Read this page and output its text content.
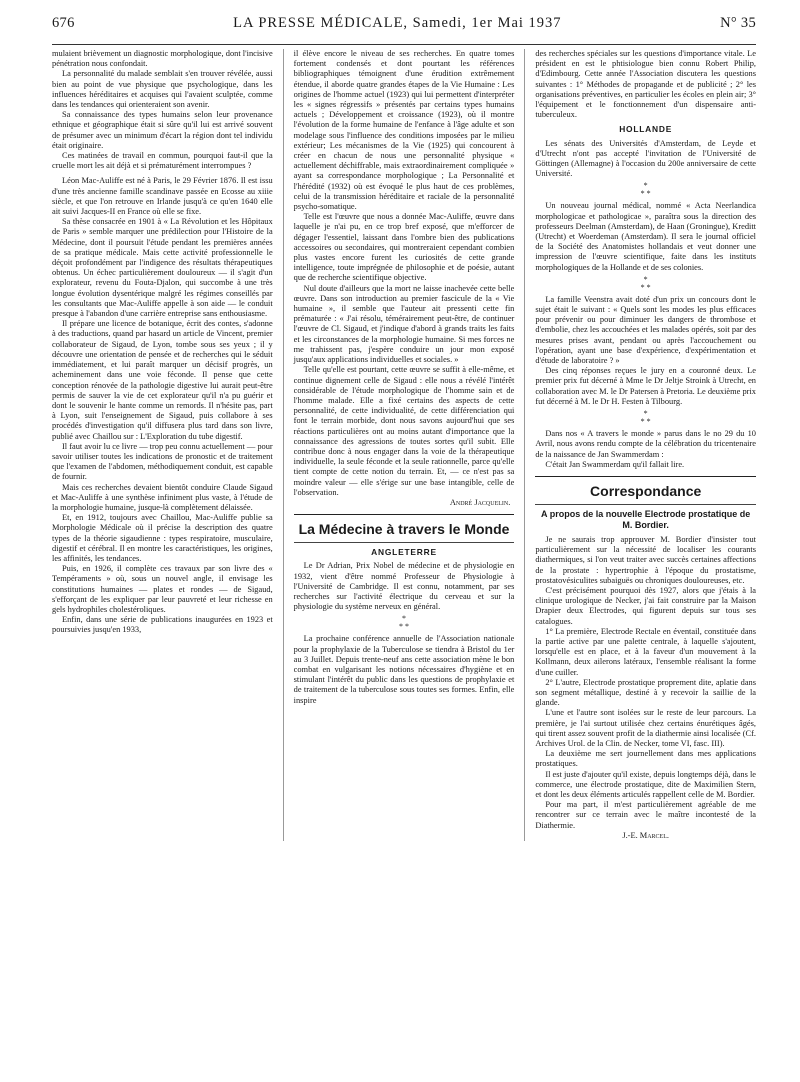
676	LA PRESSE MÉDICALE, Samedi, 1er Mai 1937	N° 35

mulaient brièvement un diagnostic morphologique, dont l'incisive pénétration nous confondait.

La personnalité du malade semblait s'en trouver révélée, aussi bien au point de vue physique que psychologique, dans les influences héréditaires et acquises qui l'avaient sculptée, comme dans les tendances qui orienteraient son avenir.

Sa connaissance des types humains selon leur provenance ethnique et géographique était si sûre qu'il lui est arrivé souvent de présumer avec un minimum d'écart la région dont tel individu était originaire.

Ces matinées de travail en commun, pourquoi faut-il que la cruelle mort les ait déjà et si prématurément interrompues ?

Léon Mac-Auliffe est né à Paris, le 29 Février 1876. Il est issu d'une très ancienne famille scandinave passée en Ecosse au xiiie siècle, et que l'on retrouve en Irlande jusqu'à ce qu'en 1640 elle ait suivi Jacques-II en France où elle se fixe.

Sa thèse consacrée en 1901 à « La Révolution et les Hôpitaux de Paris » semble marquer une prédilection pour l'Histoire de la Médecine, dont il poursuit l'étude pendant les premières années de sa pratique médicale. Mais cette activité professionnelle le déçoit profondément par l'indigence des résultats thérapeutiques obtenus. Un échec particulièrement douloureux — il s'agit d'un explorateur, revenu du Fouta-Djalon, qui succombe à une très longue évolution dysentérique malgré les régimes conseillés par les consultants que Mac-Auliffe appelle à son aide — le conduit presque à l'abandon d'une carrière entreprise sans enthousiasme.

Il prépare une licence de botanique, écrit des contes, s'adonne à des traductions, quand par hasard un article de Vincent, premier collaborateur de Sigaud, de Lyon, tombe sous ses yeux ; il y découvre une orientation de pensée et de recherches qui le séduit immédiatement, et lui paraît marquer un décisif progrès, un acheminement dans une voie féconde. Il pense que cette conception rénovée de la pathologie digestive lui aurait peut-être permis de sauver la vie de cet explorateur qu'il n'a pu guérir et dont le souvenir le hante comme un remords. Il n'hésite pas, part à Lyon, suit l'enseignement de Sigaud, puis collabore à ses procédés d'investigation qu'il diffusera plus tard dans son livre, publié avec Chaillou sur : L'Exploration du tube digestif.

Il faut avoir lu ce livre — trop peu connu actuellement — pour savoir utiliser toutes les indications de pronostic et de traitement que l'examen de l'abdomen, méthodiquement conduit, est capable de fournir.

Mais ces recherches devaient bientôt conduire Claude Sigaud et Mac-Auliffe à une synthèse infiniment plus vaste, à l'étude de la morphologie humaine, jusque-là complètement délaissée.

Et, en 1912, toujours avec Chaillou, Mac-Auliffe publie sa Morphologie Médicale où il précise la description des quatre types de la théorie sigaudienne : types respiratoire, musculaire, digestif et cérébral. Il en montre les caractéristiques, les origines, les affinités, les tendances.

Puis, en 1926, il complète ces travaux par son livre des « Tempéraments » où, sous un nouvel angle, il envisage les constitutions humaines — plates et rondes — de Sigaud, s'efforçant de les expliquer par leur pauvreté et leur richesse en gels hydrophiles cholestéroliques.

Enfin, dans une série de publications inaugurées en 1923 et poursuivies jusqu'en 1933,

il élève encore le niveau de ses recherches. En quatre tomes fortement condensés et dont pourtant les références bibliographiques témoignent d'une érudition extrêmement étendue, il aborde quatre grandes étapes de la Vie Humaine : Les origines de l'homme actuel (1923) qui lui permettent d'interpréter les « signes régressifs » présentés par certains types humains actuels ; Développement et croissance (1923), où il montre l'évolution de la forme humaine de l'enfance à l'âge adulte et son modelage sous l'influence des conditions imposées par le milieu extérieur; Les mécanismes de la Vie (1925) qui concourent à créer en chacun de nous une personnalité physique « actuellement déchiffrable, mais extraordinairement compliquée » ayant sa correspondance morphologique ; La Personnalité et l'hérédité (1932) où est évoqué le plus haut de ces problèmes, celui de la transmission héréditaire et raciale de la personnalité psycho-somatique.

Telle est l'œuvre que nous a donnée Mac-Auliffe, œuvre dans laquelle je n'ai pu, en ce trop bref exposé, que m'efforcer de dégager l'essentiel, laissant dans l'ombre bien des publications accessoires ou secondaires, qui montreraient cependant combien plus vastes encore furent les curiosités de cette grande intelligence, toute imprégnée de philosophie et de poésie, autant que de recherche scientifique objective.

Nul doute d'ailleurs que la mort ne laisse inachevée cette belle œuvre. Dans son introduction au premier fascicule de la « Vie humaine », il semble que l'auteur ait pressenti cette fin prématurée : « J'ai résolu, témérairement peut-être, de continuer l'œuvre de Cl. Sigaud, et j'indique d'abord à grands traits les faits et les circonstances de la morphologie humaine. Si mes forces ne me trahissent pas, j'espère conduire un jour mon exposé jusqu'aux applications individuelles et sociales. »

Telle qu'elle est pourtant, cette œuvre se suffit à elle-même, et continue dignement celle de Sigaud : elle nous a révélé l'intérêt considérable de l'étude morphologique de l'homme sain et de l'homme malade. Elle a fixé certains des aspects de cette personnalité, de cette individualité, de cette différenciation qui font le terrain morbide, dont nous savons aujourd'hui que ses réactions particulières ont au moins autant d'importance que la connaissance des agressions de toutes sortes qu'il subit. Elle contribue donc à nous engager dans la voie de la thérapeutique individuelle, la seule féconde et la seule rationnelle, parce qu'elle tient compte de cette notion du terrain. Et, — ce n'est pas sa moindre valeur — elle s'érige sur une base intangible, celle de l'observation.

André Jacquelin.
La Médecine à travers le Monde
ANGLETERRE

Le Dr Adrian, Prix Nobel de médecine et de physiologie en 1932, vient d'être nommé Professeur de Physiologie à l'Université de Cambridge. Il est connu, notamment, par ses recherches sur l'activité électrique du cerveau et sur la physiologie du système nerveux en général.

*
* *

La prochaine conférence annuelle de l'Association nationale pour la prophylaxie de la Tuberculose se tiendra à Bristol du 1er au 3 Juillet. Depuis trente-neuf ans cette association mène le bon combat en vulgarisant les notions nécessaires d'hygiène et en stimulant l'intérêt du public dans les questions de prophylaxie et de traitement de la tuberculose sous toutes ses formes. Enfin, elle inspire

des recherches spéciales sur les questions d'importance vitale. Le président en est le phtisiologue bien connu Robert Philip, d'Edimbourg. Cette année l'Association discutera les questions suivantes : 1° Méthodes de propagande et de publicité ; 2° les organisations préventives, en particulier les écoles en plein air; 3° l'équipement et le fonctionnement d'un dispensaire anti-tuberculeux.

HOLLANDE

Les sénats des Universités d'Amsterdam, de Leyde et d'Utrecht n'ont pas accepté l'invitation de l'Université de Göttingen (Allemagne) à l'occasion du 200e anniversaire de cette Université.

*
* *

Un nouveau journal médical, nommé « Acta Neerlandica morphologicae et pathologicae », paraîtra sous la direction des professeurs Deelman (Amsterdam), de Haan (Groningue), Kreditt (Utrecht) et Woerdeman (Amsterdam). Il sera le journal officiel de la Société des Anatomistes hollandais et veut donner une impression de l'œuvre scientifique, faite dans les instituts morphologiques de la Hollande et de ses colonies.

*
* *

La famille Veenstra avait doté d'un prix un concours dont le sujet était le suivant : « Quels sont les modes les plus efficaces pour prévenir ou pour diminuer les dangers de thrombose et d'embolie, chez les accouchées et les malades opérés, soit par des mesures prises avant, pendant ou après l'accouchement ou l'opération, ayant une base d'expérience, d'expérimentation et d'étude de laboratoire ? »

Des cinq réponses reçues le jury en a couronné deux. Le premier prix fut décerné à Mme le Dr Jeltje Stroink à Utrecht, en collaboration avec M. le Dr Patersen à Pretoria. Le deuxième prix fut décerné à M. le Dr H. Festen à Tilbourg.

*
* *

Dans nos « A travers le monde » parus dans le no 29 du 10 Avril, nous avons rendu compte de la célébration du tricentenaire de la naissance de Jan Swammerdam :

C'était Jan Swammerdam qu'il fallait lire.

Correspondance
A propos de la nouvelle Electrode prostatique de M. Bordier.

Je ne saurais trop approuver M. Bordier d'insister tout particulièrement sur la nécessité de localiser les courants diathermiques, si l'on veut traiter avec succès certaines affections de la prostate : hypertrophie à l'époque du prostatisme, prostatovésiculites subaiguës ou chroniques douloureuses, etc.

C'est précisément pourquoi dès 1927, alors que j'étais à la clinique urologique de Necker, j'ai fait construire par la Maison Drapier deux Electrodes, qui figurent depuis sur tous ses catalogues.

1° La première, Electrode Rectale en éventail, constituée dans la partie active par une palette centrale, à laquelle s'ajoutent, lorsqu'elle est en place, et à la faveur d'un mouvement à la Kollmann, deux ailerons latéraux, l'ensemble réalisant la forme d'une cuiller.

2° L'autre, Electrode prostatique proprement dite, aplatie dans son segment métallique, destiné à y recevoir la saillie de la glande.

L'une et l'autre sont isolées sur le reste de leur parcours. La première, je l'ai surtout utilisée chez certains énurétiques âgés, qui tirent assez souvent profit de la diathermie ainsi localisée (Cf. Archives Urol. de la Clin. de Necker, tome VI, fasc. III).

La deuxième me sert journellement dans mes applications prostatiques.

Il est juste d'ajouter qu'il existe, depuis longtemps déjà, dans le commerce, une électrode prostatique, dite de Maximilien Stern, et dont les deux éléments articulés rappellent celle de M. Bordier.

Pour ma part, il m'est particulièrement agréable de me rencontrer sur ce terrain avec le maître incontesté de la Diathermie.

J.-E. Marcel.
